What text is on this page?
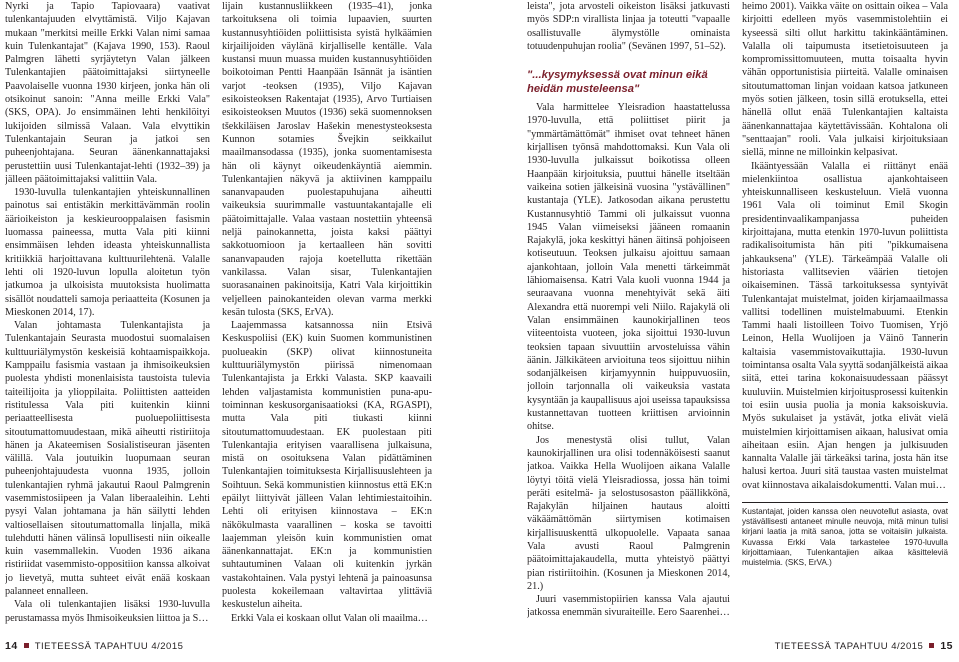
Nyrki ja Tapio Tapiovaara) vaativat tulenkantajuuden elvyttämistä. Viljo Kajavan mukaan "merkitsi meille Erkki Valan nimi samaa kuin Tulenkantajat" (Kajava 1990, 153). Raoul Palmgren lähetti syrjäytetyn Valan jälkeen Tulenkantajien päätoimittajaksi siirtyneelle Paavolaiselle vuonna 1930 kirjeen, jonka hän oli otsikoinut sanoin: "Anna meille Erkki Vala" (SKS, OPA). Jo ensimmäinen lehti henkilöityi lukijoiden silmissä Valaan. Vala elvyttikin Tulenkantajain Seuran ja jatkoi sen puheenjohtajana. Seuran äänenkannattajaksi perustettiin uusi Tulenkantajat-lehti (1932–39) ja jälleen päätoimittajaksi valittiin Vala.

1930-luvulla tulenkantajien yhteiskunnallinen painotus sai entistäkin merkittävämmän roolin äärioikeiston ja keskieurooppalaisen fasismin luomassa paineessa, mutta Vala piti kiinni ensimmäisen lehden ideasta yhteiskunnallista kritiikkiä harjoittavana kulttuurilehtenä. Valalle lehti oli 1920-luvun lopulla aloitetun työn jatkumoa ja ulkoisista muutoksista huolimatta sisällöt noudatteli samoja periaatteita (Kosunen ja Mieskonen 2014, 17).

Valan johtamasta Tulenkantajista ja Tulenkantajain Seurasta muodostui suomalaisen kulttuuriälymystön keskeisiä kohtaamispaikkoja. Kamppailu fasismia vastaan ja ihmisoikeuksien puolesta yhdisti monenlaisista taustoista tulevia taiteilijoita ja ylioppilaita. Poliittisten aatteiden ristitulessa Vala piti kuitenkin kiinni periaatteellisesta puoluepoliittisesta sitoutumattomuudestaan, mikä aiheutti ristiriitoja hänen ja Akateemisen Sosialistiseuran jäsenten välillä. Vala joutuikin luopumaan seuran puheenjohtajuudesta vuonna 1935, jolloin tulenkantajien ryhmä jakautui Raoul Palmgrenin vasemmistosiipeen ja Valan liberaaleihin. Lehti pysyi Valan johtamana ja hän säilytti lehden valtiosellaisen sitoutumattomalla linjalla, mikä tulehdutti hänen välinsä lopullisesti niin oikealle kuin vasemmallekin. Vuoden 1936 aikana ristiriidat vasemmisto-oppositiion kanssa alkoivat jo lievetyä, mutta suhteet eivät enää koskaan palanneet ennalleen.

Vala oli tulenkantajien lisäksi 1930-luvulla perustamassa myös Ihmisoikeuksien liittoa ja S…

lijain kustannusliikkeen (1935–41), jonka tarkoituksena oli toimia lupaavien, suurten kustannusyhtiöiden poliittisista syistä hylkäämien kirjailijoiden väylänä kirjalliselle kentälle. Vala kustansi muun muassa muiden kustannusyhtiöiden boikotoiman Pentti Haanpään Isännät ja isäntien varjot -teoksen (1935), Viljo Kajavan esikoisteoksen Rakentajat (1935), Arvo Turtiaisen esikoisteoksen Muutos (1936) sekä suomennoksen tšekkiläisen Jaroslav Hašekin menestysteoksesta Kunnon sotamies Švejkin seikkailut maailmansodassa (1935), jonka suomentamisesta hän oli käynyt oikeudenkäyntiä aiemmin. Tulenkantajien näkyvä ja aktiivinen kamppailu sananvapauden puolestapuhujana aiheutti vaikeuksia suurimmalle vastuuntakantajalle eli päätoimittajalle. Valaa vastaan nostettiin yhteensä neljä painokannetta, joista kaksi päättyi sakkotuomioon ja kertaalleen hän sovitti sananvapauden rajoja koetellutta rikettään vankilassa. Valan sisar, Tulenkantajien suorasanainen pakinoitsija, Katri Vala kirjoittikin veljelleen painokanteiden olevan varma merkki kesän tulosta (SKS, ErVA).

Laajemmassa katsannossa niin Etsivä Keskuspoliisi (EK) kuin Suomen kommunistinen puolueakin (SKP) olivat kiinnostuneita kulttuuriälymystön piirissä nimenomaan Tulenkantajista ja Erkki Valasta. SKP kaavaili lehden valjastamista kommunistien puna-apu-toiminnan keskusorganisaatioksi (KA, RGASPI), mutta Vala piti tiukasti kiinni sitoutumattomuudestaan. EK puolestaan piti Tulenkantajia erityisen vaarallisena julkaisuna, mistä on osoituksena Valan pidättäminen Tulenkantajien toimituksesta Kirjallisuuslehteen ja Soihtuun. Sekä kommunistien kiinnostus että EK:n epäilyt liittyivät jälleen Valan lehtimiestaitoihin. Lehti oli erityisen kiinnostava – EK:n näkökulmasta vaarallinen – koska se tavoitti laajemman yleisön kuin kommunistien omat äänenkannattajat. EK:n ja kommunistien suhtautuminen Valaan oli kuitenkin jyrkän vastakohtainen. Vala pystyi lehtenä ja painoasunsa puolesta kokeilemaan valtavirtaa ylittäviä keskustelun aiheita.

Erkki Vala ei koskaan ollut Valan oli maailma…

14 TIETEESSÄ TAPAHTUU 4/2015

leista", jota arvosteli oikeiston lisäksi jatkuvasti myös SDP:n virallista linjaa ja toteutti "vapaalle osallistuvalle älymystölle ominaista totuudenpuhujan roolia" (Sevänen 1997, 51–52).

"...kysymyksessä ovat minun eikä heidän musteleensa"

Vala harmittelee Yleisradion haastattelussa 1970-luvulla, että poliittiset piirit ja "ymmärtämättömät" ihmiset ovat tehneet hänen kirjallisen työnsä mahdottomaksi. Kun Vala oli 1930-luvulla julkaissut boikotissa olleen Haanpään kirjoituksia, puuttui hänelle itseltään vaikeina sotien jälkeisinä vuosina "ystävällinen" kustantaja (YLE). Jatkosodan aikana perustettu Kustannusyhtiö Tammi oli julkaissut vuonna 1945 Valan viimeiseksi jääneen romaanin Rajakylä, joka keskittyi hänen äitinsä pohjoiseen kotiseutuun. Teoksen julkaisu ajoittuu samaan ajankohtaan, jolloin Vala menetti tärkeimmät lähiomaisensa. Katri Vala kuoli vuonna 1944 ja seuraavana vuonna menehtyivät sekä äiti Alexandra että nuorempi veli Niilo. Rajakylä oli Valan ensimmäinen kaunokirjallinen teos viiteentoista vuoteen, joka sijoittui 1930-luvun teoksien tapaan sivuuttiin arvosteluissa vähin äänin. Jälkikäteen arvioituna teos sijoittuu niihin sodanjälkeisen kirjamyynnin huippuvuosiin, jolloin tarjonnalla oli vaikeuksia vastata kysyntään ja kaupallisuus ajoi useissa tapauksissa kustannettavan tuotteen kriittisen arvioinnin ohitse.

Jos menestystä olisi tullut, Valan kaunokirjallinen ura olisi todennäköisesti saanut jatkoa. Vaikka Hella Wuolijoen aikana Valalle löytyi töitä vielä Yleisradiossa, jossa hän toimi peräti esitelmä- ja selostusosaston päällikkönä, Rajakylän hiljainen hautaus aloitti väkäämättömän siirtymisen kotimaisen kirjallisuuskenttä ulkopuolelle. Vapaata sanaa Vala avusti Raoul Palmgrenin päätoimittajakaudella, mutta yhteistyö päättyi pian ristiriitoihin. (Kosunen ja Mieskonen 2014, 21.)

Juuri vasemmistopiirien kanssa Vala ajautui jatkossa enemmän sivuraiteille. Eero Saarenhei…

heimo 2001). Vaikka väite on osittain oikea – Vala kirjoitti edelleen myös vasemmistolehtiin ei kyseessä silti ollut harkittu takinkääntäminen. Valalla oli taipumusta itsetietoisuuteen ja kompromissittomuuteen, mutta toisaalta hyvin vähän opportunistisia piirteitä. Valalle ominaisen sitoutumattoman linjan voidaan katsoa jatkuneen myös sotien jälkeen, tosin sillä erotuksella, ettei hänellä ollut enää Tulenkantajien kaltaista äänenkannattajaa käytettävissään. Kohtalona oli "senttaajan" rooli. Vala julkaisi kirjoituksiaan siellä, minne ne milloinkin kelpasivat.

Ikääntyessään Valalla ei riittänyt enää mielenkiintoa osallistua ajankohtaiseen yhteiskunnalliseen keskusteluun. Vielä vuonna 1961 Vala oli toiminut Emil Skogin presidentinvaalikampanjassa puheiden kirjoittajana, mutta etenkin 1970-luvun poliittista radikalisoitumista hän piti "pikkumaisena jahkauksena" (YLE). Tärkeämpää Valalle oli historiasta vallitsevien väärien tietojen oikaiseminen. Tässä tarkoituksessa syntyivät Tulenkantajat muistelmat, joiden kirjamaailmassa vallitsi todellinen muistelmabuumi. Etenkin Tammi haali listoilleen Toivo Tuomisen, Yrjö Leinon, Hella Wuolijoen ja Väinö Tannerin kaltaisia vasemmistovaikuttajia. 1930-luvun toimintansa osalta Vala syyttä sodanjälkeistä aikaa siitä, ettei tarina kokonaisuudessaan päässyt kuuluviin. Muistelmien kirjoitusprosessi kuitenkin toi esiin uusia puolia ja monia kaksoiskuvia. Myös sukulaiset ja ystävät, jotka elivät vielä muistelmien kirjoittamisen aikaan, halusivat omia aiheitaan esiin. Ajan hengen ja julkisuuden kannalta Valalle jäi tärkeäksi tarina, josta hän itse halusi kertoa. Juuri sitä taustaa vasten muistelmat ovat kiinnostava aikalaisdokumentti. Valan mui…

Kustantajat, joiden kanssa olen neuvotellut asiasta, ovat ystävällisesti antaneet minulle neuvoja, mitä minun tulisi kirjani laatia ja mitä sanoa, jotta se voitaisiin julkaista. Kuvassa Erkki Vala tarkastelee 1970-luvulla kirjoittamiaan, Tulenkantajien aikaa käsitteleviä muistelmia. (SKS, ErVA.)
TIETEESSÄ TAPAHTUU 4/2015 15
